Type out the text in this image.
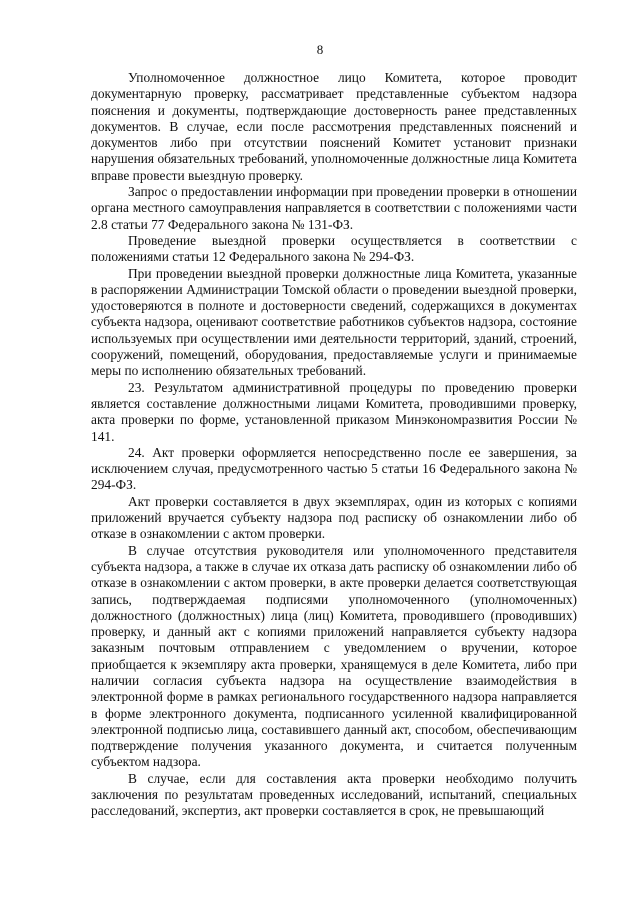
8

Уполномоченное должностное лицо Комитета, которое проводит документарную проверку, рассматривает представленные субъектом надзора пояснения и документы, подтверждающие достоверность ранее представленных документов. В случае, если после рассмотрения представленных пояснений и документов либо при отсутствии пояснений Комитет установит признаки нарушения обязательных требований, уполномоченные должностные лица Комитета вправе провести выездную проверку.

Запрос о предоставлении информации при проведении проверки в отношении органа местного самоуправления направляется в соответствии с положениями части 2.8 статьи 77 Федерального закона № 131-ФЗ.

Проведение выездной проверки осуществляется в соответствии с положениями статьи 12 Федерального закона № 294-ФЗ.

При проведении выездной проверки должностные лица Комитета, указанные в распоряжении Администрации Томской области о проведении выездной проверки, удостоверяются в полноте и достоверности сведений, содержащихся в документах субъекта надзора, оценивают соответствие работников субъектов надзора, состояние используемых при осуществлении ими деятельности территорий, зданий, строений, сооружений, помещений, оборудования, предоставляемые услуги и принимаемые меры по исполнению обязательных требований.

23. Результатом административной процедуры по проведению проверки является составление должностными лицами Комитета, проводившими проверку, акта проверки по форме, установленной приказом Минэкономразвития России № 141.

24. Акт проверки оформляется непосредственно после ее завершения, за исключением случая, предусмотренного частью 5 статьи 16 Федерального закона № 294-ФЗ.

Акт проверки составляется в двух экземплярах, один из которых с копиями приложений вручается субъекту надзора под расписку об ознакомлении либо об отказе в ознакомлении с актом проверки.

В случае отсутствия руководителя или уполномоченного представителя субъекта надзора, а также в случае их отказа дать расписку об ознакомлении либо об отказе в ознакомлении с актом проверки, в акте проверки делается соответствующая запись, подтверждаемая подписями уполномоченного (уполномоченных) должностного (должностных) лица (лиц) Комитета, проводившего (проводивших) проверку, и данный акт с копиями приложений направляется субъекту надзора заказным почтовым отправлением с уведомлением о вручении, которое приобщается к экземпляру акта проверки, хранящемуся в деле Комитета, либо при наличии согласия субъекта надзора на осуществление взаимодействия в электронной форме в рамках регионального государственного надзора направляется в форме электронного документа, подписанного усиленной квалифицированной электронной подписью лица, составившего данный акт, способом, обеспечивающим подтверждение получения указанного документа, и считается полученным субъектом надзора.

В случае, если для составления акта проверки необходимо получить заключения по результатам проведенных исследований, испытаний, специальных расследований, экспертиз, акт проверки составляется в срок, не превышающий
